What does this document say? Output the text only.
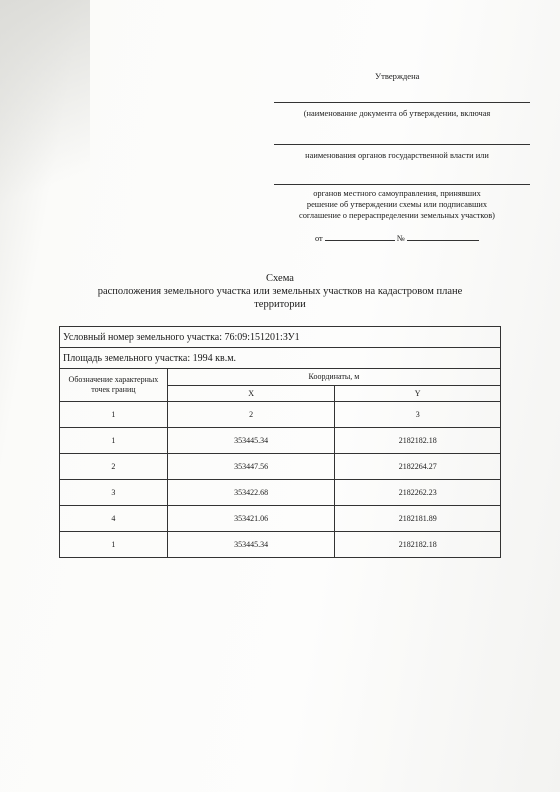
Утверждена
(наименование документа об утверждении, включая
наименования органов государственной власти или
органов местного самоуправления, принявших
решение об утверждении схемы или подписавших
соглашение о перераспределении земельных участков)
от	№
Схема
расположения земельного участка или земельных участков на кадастровом плане
территории
Условный номер земельного участка: 76:09:151201:ЗУ1		
Площадь земельного участка: 1994 кв.м.		
Обозначение характерных точек границ	Координаты, м	
	X	Y
1	2	3
1	353445.34	2182182.18
2	353447.56	2182264.27
3	353422.68	2182262.23
4	353421.06	2182181.89
1	353445.34	2182182.18
